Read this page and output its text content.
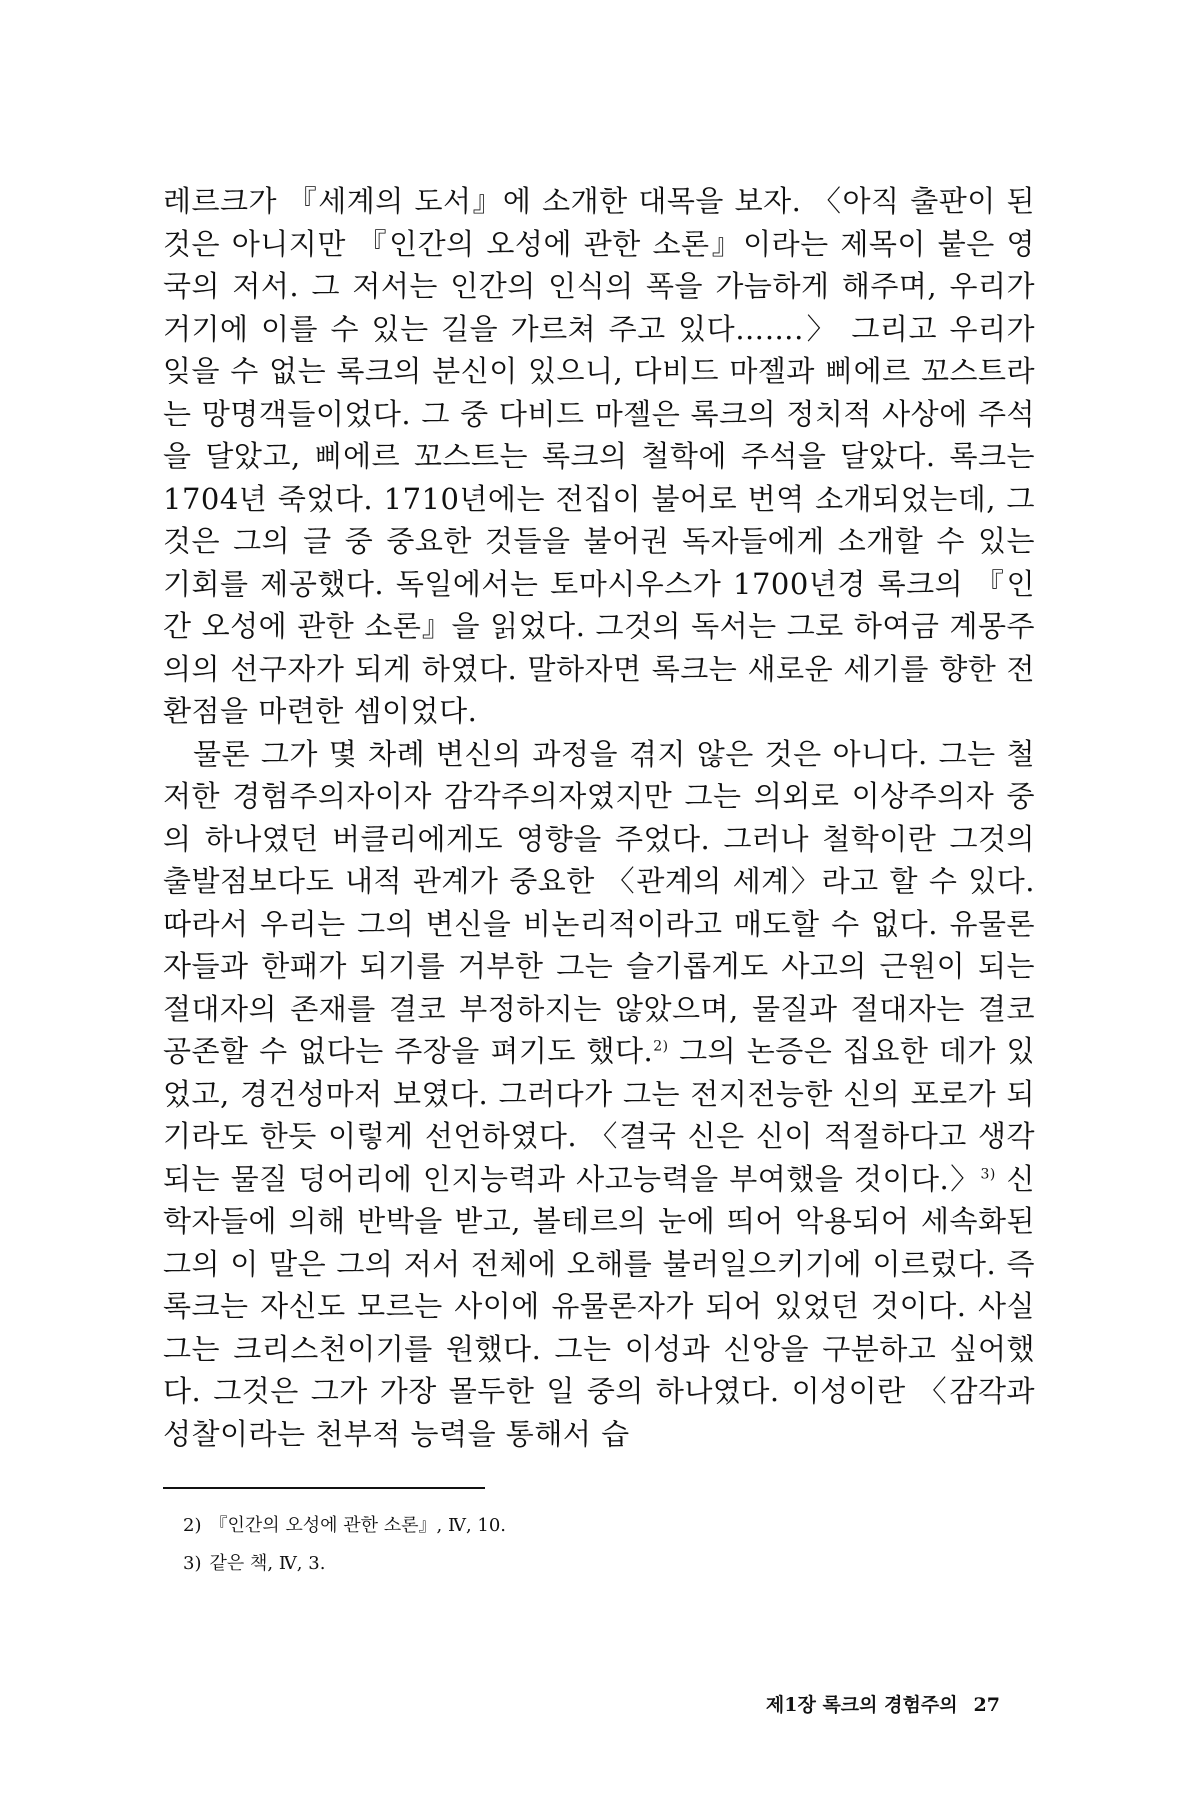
레르크가 『세계의 도서』에 소개한 대목을 보자. 〈아직 출판이 된 것은 아니지만 『인간의 오성에 관한 소론』이라는 제목이 붙은 영국의 저서. 그 저서는 인간의 인식의 폭을 가늠하게 해주며, 우리가 거기에 이를 수 있는 길을 가르쳐 주고 있다…….〉 그리고 우리가 잊을 수 없는 록크의 분신이 있으니, 다비드 마젤과 삐에르 꼬스트라는 망명객들이었다. 그 중 다비드 마젤은 록크의 정치적 사상에 주석을 달았고, 삐에르 꼬스트는 록크의 철학에 주석을 달았다. 록크는 1704년 죽었다. 1710년에는 전집이 불어로 번역 소개되었는데, 그것은 그의 글 중 중요한 것들을 불어권 독자들에게 소개할 수 있는 기회를 제공했다. 독일에서는 토마시우스가 1700년경 록크의 『인간 오성에 관한 소론』을 읽었다. 그것의 독서는 그로 하여금 계몽주의의 선구자가 되게 하였다. 말하자면 록크는 새로운 세기를 향한 전환점을 마련한 셈이었다.

물론 그가 몇 차례 변신의 과정을 겪지 않은 것은 아니다. 그는 철저한 경험주의자이자 감각주의자였지만 그는 의외로 이상주의자 중의 하나였던 버클리에게도 영향을 주었다. 그러나 철학이란 그것의 출발점보다도 내적 관계가 중요한 〈관계의 세계〉라고 할 수 있다. 따라서 우리는 그의 변신을 비논리적이라고 매도할 수 없다. 유물론자들과 한패가 되기를 거부한 그는 슬기롭게도 사고의 근원이 되는 절대자의 존재를 결코 부정하지는 않았으며, 물질과 절대자는 결코 공존할 수 없다는 주장을 펴기도 했다.$^{2)}$ 그의 논증은 집요한 데가 있었고, 경건성마저 보였다. 그러다가 그는 전지전능한 신의 포로가 되기라도 한듯 이렇게 선언하였다. 〈결국 신은 신이 적절하다고 생각되는 물질 덩어리에 인지능력과 사고능력을 부여했을 것이다.〉$^{3)}$ 신학자들에 의해 반박을 받고, 볼테르의 눈에 띄어 악용되어 세속화된 그의 이 말은 그의 저서 전체에 오해를 불러일으키기에 이르렀다. 즉 록크는 자신도 모르는 사이에 유물론자가 되어 있었던 것이다. 사실 그는 크리스천이기를 원했다. 그는 이성과 신앙을 구분하고 싶어했다. 그것은 그가 가장 몰두한 일 중의 하나였다. 이성이란 〈감각과 성찰이라는 천부적 능력을 통해서 습

2) 『인간의 오성에 관한 소론』, Ⅳ, 10.
3) 같은 책, Ⅳ, 3.
제1장 록크의 경험주의 27
